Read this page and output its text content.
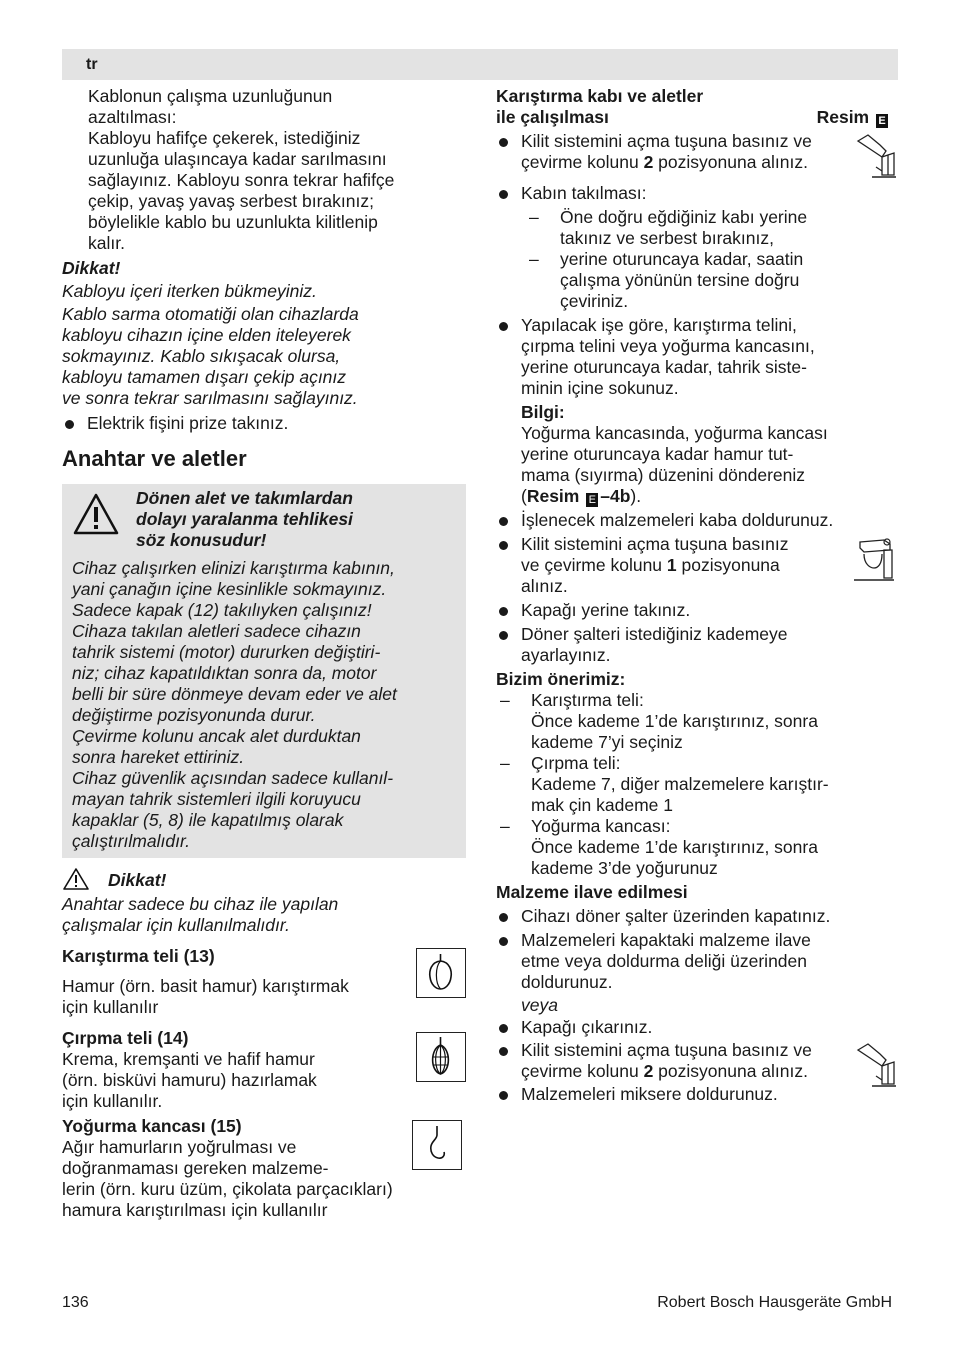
tr

Kablonun çalışma uzunluğunun

azaltılması:

Kabloyu hafifçe çekerek, istediğiniz

uzunluğa ulaşıncaya kadar sarılmasını

sağlayınız. Kabloyu sonra tekrar hafifçe

çekip, yavaş yavaş serbest bırakınız;

böylelikle kablo bu uzunlukta kilitlenip

kalır.

Dikkat!

Kabloyu içeri iterken bükmeyiniz.

Kablo sarma otomatiği olan cihazlarda

kabloyu cihazın içine elden iteleyerek

sokmayınız. Kablo sıkışacak olursa,

kabloyu tamamen dışarı çekip açınız

ve sonra tekrar sarılmasını sağlayınız.

Elektrik fişini prize takınız.

Anahtar ve aletler

Dönen alet ve takımlardan

dolayı yaralanma tehlikesi

söz konusudur!

Cihaz çalışırken elinizi karıştırma kabının,

yani çanağın içine kesinlikle sokmayınız.

Sadece kapak (12) takılıyken çalışınız!

Cihaza takılan aletleri sadece cihazın

tahrik sistemi (motor) dururken değiştiri-

niz; cihaz kapatıldıktan sonra da, motor

belli bir süre dönmeye devam eder ve alet

değiştirme pozisyonunda durur.

Çevirme kolunu ancak alet durduktan

sonra hareket ettiriniz.

Cihaz güvenlik açısından sadece kullanıl-

mayan tahrik sistemleri ilgili koruyucu

kapaklar (5, 8) ile kapatılmış olarak

çalıştırılmalıdır.

Dikkat!

Anahtar sadece bu cihaz ile yapılan

çalışmalar için kullanılmalıdır.

Karıştırma teli (13)

Hamur (örn. basit hamur) karıştırmak

için kullanılır

Çırpma teli (14)

Krema, kremşanti ve hafif hamur

(örn. bisküvi hamuru) hazırlamak

için kullanılır.

Yoğurma kancası (15)

Ağır hamurların yoğrulması ve

doğranmaması gereken malzeme-

lerin (örn. kuru üzüm, çikolata parçacıkları)

hamura karıştırılması için kullanılır

Karıştırma kabı ve aletler

ile çalışılması	Resim E

Kilit sistemini açma tuşuna basınız ve

çevirme kolunu 2 pozisyonuna alınız.

Kabın takılması:

– Öne doğru eğdiğiniz kabı yerine

takınız ve serbest bırakınız,

– yerine oturuncaya kadar, saatin

çalışma yönünün tersine doğru

çeviriniz.

Yapılacak işe göre, karıştırma telini,

çırpma telini veya yoğurma kancasını,

yerine oturuncaya kadar, tahrik siste-

minin içine sokunuz.

Bilgi:

Yoğurma kancasında, yoğurma kancası

yerine oturuncaya kadar hamur tut-

mama (sıyırma) düzenini döndereniz

(Resim E –4b).

İşlenecek malzemeleri kaba doldurunuz.

Kilit sistemini açma tuşuna basınız

ve çevirme kolunu 1 pozisyonuna

alınız.

Kapağı yerine takınız.

Döner şalteri istediğiniz kademeye

ayarlayınız.

Bizim önerimiz:

– Karıştırma teli:

Önce kademe 1’de karıştırınız, sonra

kademe 7’yi seçiniz

– Çırpma teli:

Kademe 7, diğer malzemelere karıştır-

mak çin kademe 1

– Yoğurma kancası:

Önce kademe 1’de karıştırınız, sonra

kademe 3’de yoğurunuz

Malzeme ilave edilmesi

Cihazı döner şalter üzerinden kapatınız.

Malzemeleri kapaktaki malzeme ilave

etme veya doldurma deliği üzerinden

doldurunuz.

veya

Kapağı çıkarınız.

Kilit sistemini açma tuşuna basınız ve

çevirme kolunu 2 pozisyonuna alınız.

Malzemeleri miksere doldurunuz.

136	Robert Bosch Hausgeräte GmbH
